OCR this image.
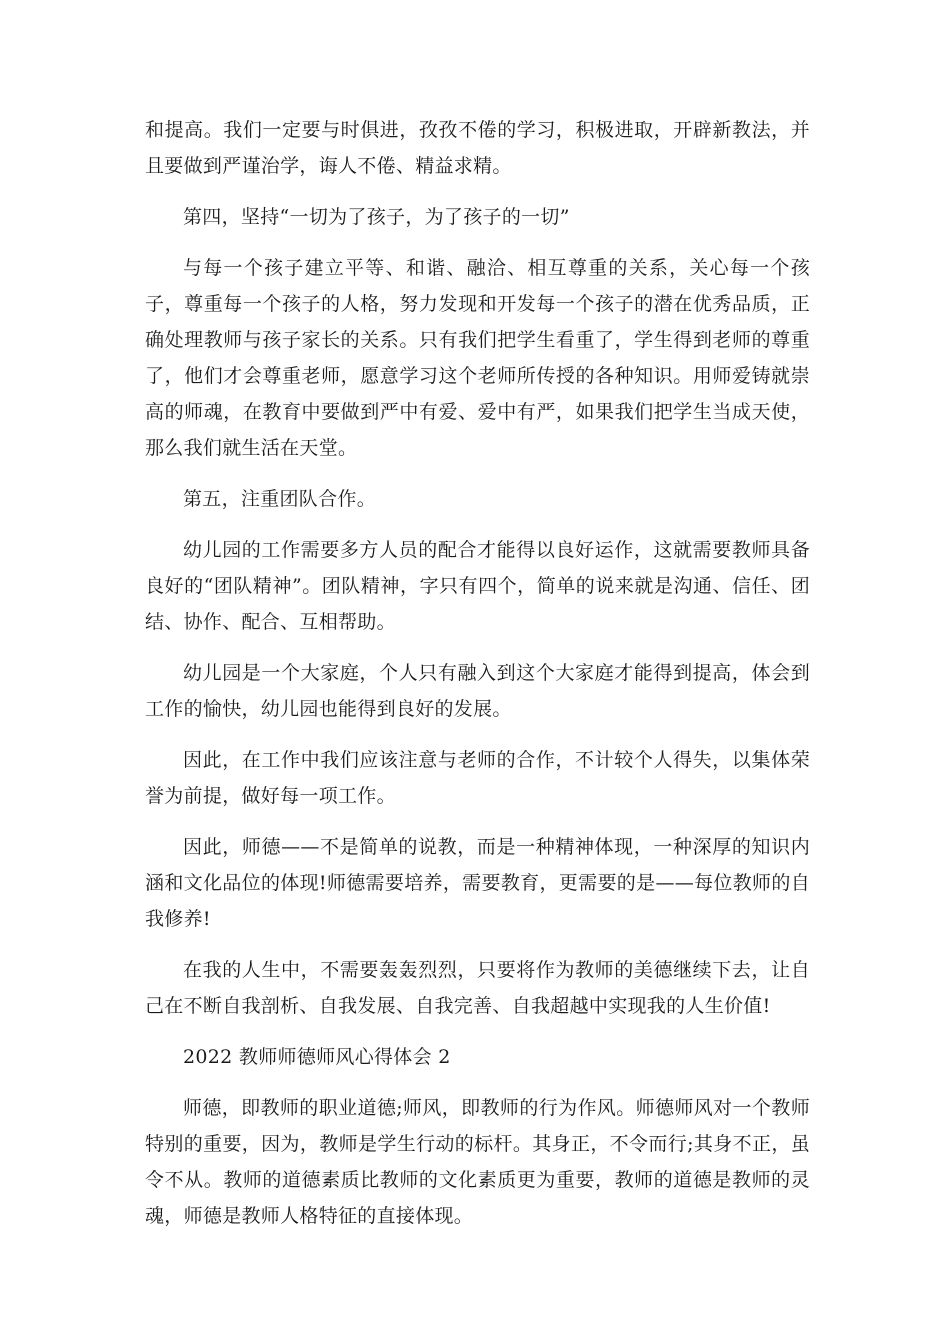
和提高。我们一定要与时俱进，孜孜不倦的学习，积极进取，开辟新教法，并且要做到严谨治学，诲人不倦、精益求精。

第四，坚持“一切为了孩子，为了孩子的一切”

与每一个孩子建立平等、和谐、融洽、相互尊重的关系，关心每一个孩子，尊重每一个孩子的人格，努力发现和开发每一个孩子的潜在优秀品质，正确处理教师与孩子家长的关系。只有我们把学生看重了，学生得到老师的尊重了，他们才会尊重老师，愿意学习这个老师所传授的各种知识。用师爱铸就崇高的师魂，在教育中要做到严中有爱、爱中有严，如果我们把学生当成天使，那么我们就生活在天堂。

第五，注重团队合作。

幼儿园的工作需要多方人员的配合才能得以良好运作，这就需要教师具备良好的“团队精神”。团队精神，字只有四个，简单的说来就是沟通、信任、团结、协作、配合、互相帮助。

幼儿园是一个大家庭，个人只有融入到这个大家庭才能得到提高，体会到工作的愉快，幼儿园也能得到良好的发展。

因此，在工作中我们应该注意与老师的合作，不计较个人得失，以集体荣誉为前提，做好每一项工作。

因此，师德——不是简单的说教，而是一种精神体现，一种深厚的知识内涵和文化品位的体现!师德需要培养，需要教育，更需要的是——每位教师的自我修养!

在我的人生中，不需要轰轰烈烈，只要将作为教师的美德继续下去，让自己在不断自我剖析、自我发展、自我完善、自我超越中实现我的人生价值!

2022 教师师德师风心得体会 2

师德，即教师的职业道德;师风，即教师的行为作风。师德师风对一个教师特别的重要，因为，教师是学生行动的标杆。其身正，不令而行;其身不正，虽令不从。教师的道德素质比教师的文化素质更为重要，教师的道德是教师的灵魂，师德是教师人格特征的直接体现。
